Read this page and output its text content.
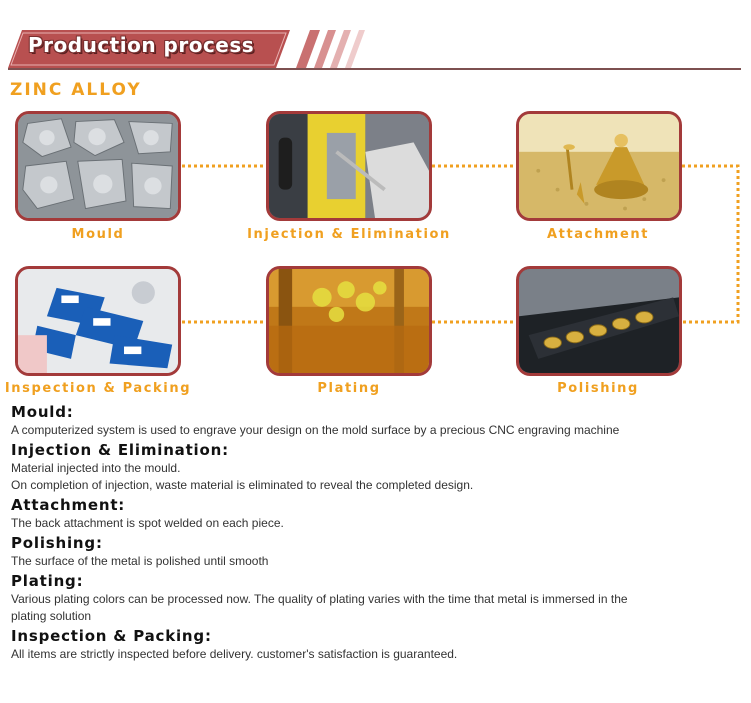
Production process
ZINC ALLOY
Mould	Injection & Elimination	Attachment
Inspection & Packing	Plating	Polishing
Mould:
A computerized system is used to engrave your design on the mold surface by a precious CNC engraving machine
Injection & Elimination:
Material injected into the mould.
On completion of injection, waste material is eliminated to reveal the completed design.
Attachment:
The back attachment is spot welded on each piece.
Polishing:
The surface of the metal is polished until smooth
Plating:
Various plating colors can be processed now. The quality of plating varies with the time that metal is immersed in the
plating solution
Inspection & Packing:
All items are strictly inspected before delivery. customer's satisfaction is guaranteed.
